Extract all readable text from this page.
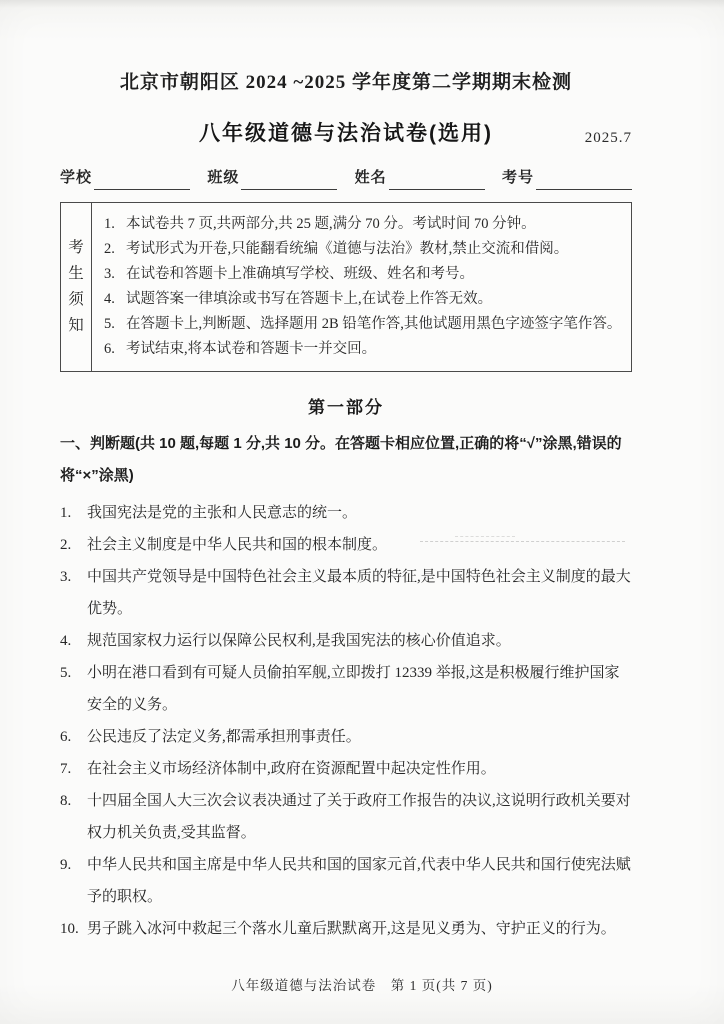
北京市朝阳区 2024 ~2025 学年度第二学期期末检测
八年级道德与法治试卷(选用)	2025.7
学校	班级	姓名	考号
考生须知
1. 本试卷共 7 页,共两部分,共 25 题,满分 70 分。考试时间 70 分钟。
2. 考试形式为开卷,只能翻看统编《道德与法治》教材,禁止交流和借阅。
3. 在试卷和答题卡上准确填写学校、班级、姓名和考号。
4. 试题答案一律填涂或书写在答题卡上,在试卷上作答无效。
5. 在答题卡上,判断题、选择题用 2B 铅笔作答,其他试题用黑色字迹签字笔作答。
6. 考试结束,将本试卷和答题卡一并交回。
第一部分
一、判断题(共 10 题,每题 1 分,共 10 分。在答题卡相应位置,正确的将“√”涂黑,错误的将“×”涂黑)
1.	我国宪法是党的主张和人民意志的统一。
2.	社会主义制度是中华人民共和国的根本制度。
3.	中国共产党领导是中国特色社会主义最本质的特征,是中国特色社会主义制度的最大优势。
4.	规范国家权力运行以保障公民权利,是我国宪法的核心价值追求。
5.	小明在港口看到有可疑人员偷拍军舰,立即拨打 12339 举报,这是积极履行维护国家安全的义务。
6.	公民违反了法定义务,都需承担刑事责任。
7.	在社会主义市场经济体制中,政府在资源配置中起决定性作用。
8.	十四届全国人大三次会议表决通过了关于政府工作报告的决议,这说明行政机关要对权力机关负责,受其监督。
9.	中华人民共和国主席是中华人民共和国的国家元首,代表中华人民共和国行使宪法赋予的职权。
10. 男子跳入冰河中救起三个落水儿童后默默离开,这是见义勇为、守护正义的行为。
八年级道德与法治试卷　第 1 页(共 7 页)
